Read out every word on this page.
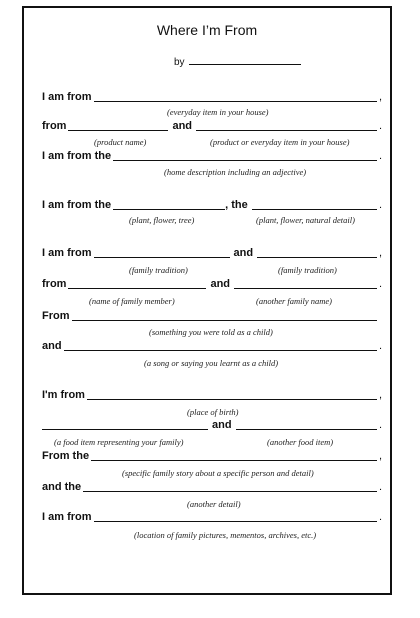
Where I’m From
by
I am from	,
(everyday item in your house)
from	and	.
(product name)	(product or everyday item in your house)
I am from the	.
(home description including an adjective)
I am from the	, the	.
(plant, flower, tree)	(plant, flower, natural detail)
I am from	and	,
(family tradition)	(family tradition)
from	and	.
(name of family member)	(another family name)
From
(something you were told as a child)
and	.
(a song or saying you learnt as a child)
I'm from	,
(place of birth)
and	.
(a food item representing your family)	(another food item)
From the	,
(specific family story about a specific person and detail)
and the	.
(another detail)
I am from	.
(location of family pictures, mementos, archives, etc.)
